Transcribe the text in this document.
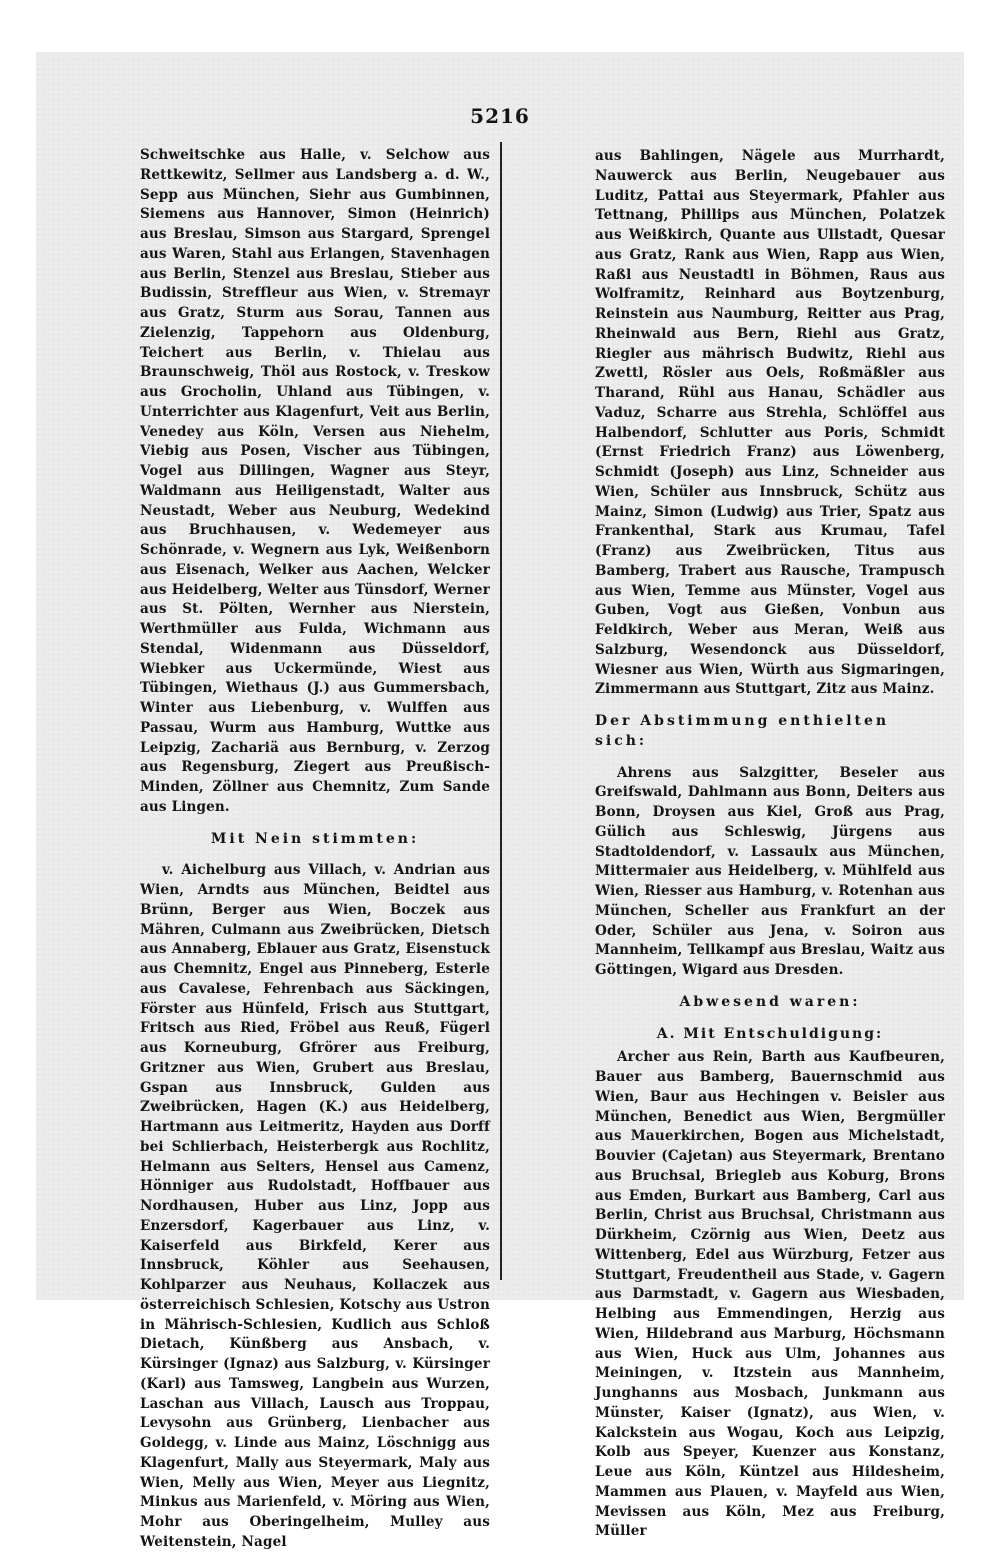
5216

Schweitschke aus Halle, v. Selchow aus Rettkewitz, Sellmer aus Landsberg a. d. W., Sepp aus München, Siehr aus Gumbinnen, Siemens aus Hannover, Simon (Heinrich) aus Breslau, Simson aus Stargard, Sprengel aus Waren, Stahl aus Erlangen, Stavenhagen aus Berlin, Stenzel aus Breslau, Stieber aus Budissin, Streffleur aus Wien, v. Stremayr aus Gratz, Sturm aus Sorau, Tannen aus Zielenzig, Tappehorn aus Oldenburg, Teichert aus Berlin, v. Thielau aus Braunschweig, Thöl aus Rostock, v. Treskow aus Grocholin, Uhland aus Tübingen, v. Unterrichter aus Klagenfurt, Veit aus Berlin, Venedey aus Köln, Versen aus Niehelm, Viebig aus Posen, Vischer aus Tübingen, Vogel aus Dillingen, Wagner aus Steyr, Waldmann aus Heiligenstadt, Walter aus Neustadt, Weber aus Neuburg, Wedekind aus Bruchhausen, v. Wedemeyer aus Schönrade, v. Wegnern aus Lyk, Weißenborn aus Eisenach, Welker aus Aachen, Welcker aus Heidelberg, Welter aus Tünsdorf, Werner aus St. Pölten, Wernher aus Nierstein, Werthmüller aus Fulda, Wichmann aus Stendal, Widenmann aus Düsseldorf, Wiebker aus Uckermünde, Wiest aus Tübingen, Wiethaus (J.) aus Gummersbach, Winter aus Liebenburg, v. Wulffen aus Passau, Wurm aus Hamburg, Wuttke aus Leipzig, Zachariä aus Bernburg, v. Zerzog aus Regensburg, Ziegert aus Preußisch-Minden, Zöllner aus Chemnitz, Zum Sande aus Lingen.

Mit Nein stimmten:

v. Aichelburg aus Villach, v. Andrian aus Wien, Arndts aus München, Beidtel aus Brünn, Berger aus Wien, Boczek aus Mähren, Culmann aus Zweibrücken, Dietsch aus Annaberg, Eblauer aus Gratz, Eisenstuck aus Chemnitz, Engel aus Pinneberg, Esterle aus Cavalese, Fehrenbach aus Säckingen, Förster aus Hünfeld, Frisch aus Stuttgart, Fritsch aus Ried, Fröbel aus Reuß, Fügerl aus Korneuburg, Gfrörer aus Freiburg, Gritzner aus Wien, Grubert aus Breslau, Gspan aus Innsbruck, Gulden aus Zweibrücken, Hagen (K.) aus Heidelberg, Hartmann aus Leitmeritz, Hayden aus Dorff bei Schlierbach, Heisterbergk aus Rochlitz, Helmann aus Selters, Hensel aus Camenz, Hönniger aus Rudolstadt, Hoffbauer aus Nordhausen, Huber aus Linz, Jopp aus Enzersdorf, Kagerbauer aus Linz, v. Kaiserfeld aus Birkfeld, Kerer aus Innsbruck, Köhler aus Seehausen, Kohlparzer aus Neuhaus, Kollaczek aus österreichisch Schlesien, Kotschy aus Ustron in Mährisch-Schlesien, Kudlich aus Schloß Dietach, Künßberg aus Ansbach, v. Kürsinger (Ignaz) aus Salzburg, v. Kürsinger (Karl) aus Tamsweg, Langbein aus Wurzen, Laschan aus Villach, Lausch aus Troppau, Levysohn aus Grünberg, Lienbacher aus Goldegg, v. Linde aus Mainz, Löschnigg aus Klagenfurt, Mally aus Steyermark, Maly aus Wien, Melly aus Wien, Meyer aus Liegnitz, Minkus aus Marienfeld, v. Möring aus Wien, Mohr aus Oberingelheim, Mulley aus Weitenstein, Nagel

aus Bahlingen, Nägele aus Murrhardt, Nauwerck aus Berlin, Neugebauer aus Luditz, Pattai aus Steyermark, Pfahler aus Tettnang, Phillips aus München, Polatzek aus Weißkirch, Quante aus Ullstadt, Quesar aus Gratz, Rank aus Wien, Rapp aus Wien, Raßl aus Neustadtl in Böhmen, Raus aus Wolframitz, Reinhard aus Boytzenburg, Reinstein aus Naumburg, Reitter aus Prag, Rheinwald aus Bern, Riehl aus Gratz, Riegler aus mährisch Budwitz, Riehl aus Zwettl, Rösler aus Oels, Roßmäßler aus Tharand, Rühl aus Hanau, Schädler aus Vaduz, Scharre aus Strehla, Schlöffel aus Halbendorf, Schlutter aus Poris, Schmidt (Ernst Friedrich Franz) aus Löwenberg, Schmidt (Joseph) aus Linz, Schneider aus Wien, Schüler aus Innsbruck, Schütz aus Mainz, Simon (Ludwig) aus Trier, Spatz aus Frankenthal, Stark aus Krumau, Tafel (Franz) aus Zweibrücken, Titus aus Bamberg, Trabert aus Rausche, Trampusch aus Wien, Temme aus Münster, Vogel aus Guben, Vogt aus Gießen, Vonbun aus Feldkirch, Weber aus Meran, Weiß aus Salzburg, Wesendonck aus Düsseldorf, Wiesner aus Wien, Würth aus Sigmaringen, Zimmermann aus Stuttgart, Zitz aus Mainz.

Der Abstimmung enthielten sich:

Ahrens aus Salzgitter, Beseler aus Greifswald, Dahlmann aus Bonn, Deiters aus Bonn, Droysen aus Kiel, Groß aus Prag, Gülich aus Schleswig, Jürgens aus Stadtoldendorf, v. Lassaulx aus München, Mittermaier aus Heidelberg, v. Mühlfeld aus Wien, Riesser aus Hamburg, v. Rotenhan aus München, Scheller aus Frankfurt an der Oder, Schüler aus Jena, v. Soiron aus Mannheim, Tellkampf aus Breslau, Waitz aus Göttingen, Wigard aus Dresden.

Abwesend waren:

A. Mit Entschuldigung:

Archer aus Rein, Barth aus Kaufbeuren, Bauer aus Bamberg, Bauernschmid aus Wien, Baur aus Hechingen v. Beisler aus München, Benedict aus Wien, Bergmüller aus Mauerkirchen, Bogen aus Michelstadt, Bouvier (Cajetan) aus Steyermark, Brentano aus Bruchsal, Briegleb aus Koburg, Brons aus Emden, Burkart aus Bamberg, Carl aus Berlin, Christ aus Bruchsal, Christmann aus Dürkheim, Czörnig aus Wien, Deetz aus Wittenberg, Edel aus Würzburg, Fetzer aus Stuttgart, Freudentheil aus Stade, v. Gagern aus Darmstadt, v. Gagern aus Wiesbaden, Helbing aus Emmendingen, Herzig aus Wien, Hildebrand aus Marburg, Höchsmann aus Wien, Huck aus Ulm, Johannes aus Meiningen, v. Itzstein aus Mannheim, Junghanns aus Mosbach, Junkmann aus Münster, Kaiser (Ignatz), aus Wien, v. Kalckstein aus Wogau, Koch aus Leipzig, Kolb aus Speyer, Kuenzer aus Konstanz, Leue aus Köln, Küntzel aus Hildesheim, Mammen aus Plauen, v. Mayfeld aus Wien, Mevissen aus Köln, Mez aus Freiburg, Müller
